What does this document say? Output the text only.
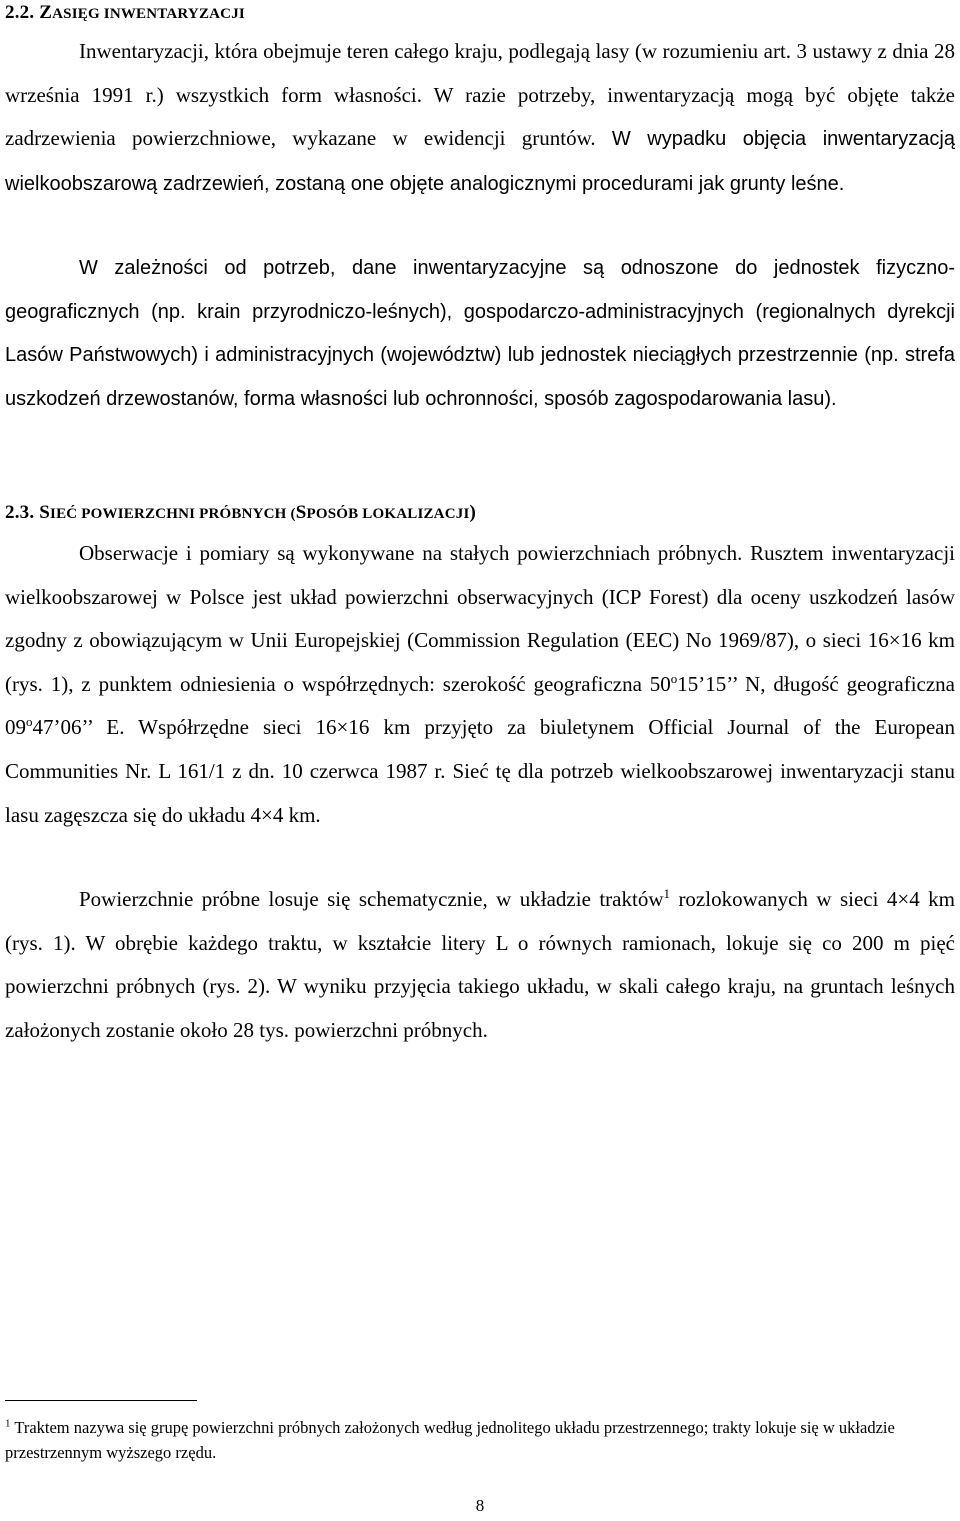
2.2. ZASIĘG INWENTARYZACJI

Inwentaryzacji, która obejmuje teren całego kraju, podlegają lasy (w rozumieniu art. 3 ustawy z dnia 28 września 1991 r.) wszystkich form własności. W razie potrzeby, inwentaryzacją mogą być objęte także zadrzewienia powierzchniowe, wykazane w ewidencji gruntów. W wypadku objęcia inwentaryzacją wielkoobszarową zadrzewień, zostaną one objęte analogicznymi procedurami jak grunty leśne.

W zależności od potrzeb, dane inwentaryzacyjne są odnoszone do jednostek fizyczno-geograficznych (np. krain przyrodniczo-leśnych), gospodarczo-administracyjnych (regionalnych dyrekcji Lasów Państwowych) i administracyjnych (województw) lub jednostek nieciągłych przestrzennie (np. strefa uszkodzeń drzewostanów, forma własności lub ochronności, sposób zagospodarowania lasu).

2.3. SIEĆ POWIERZCHNI PRÓBNYCH (SPOSÓB LOKALIZACJI)

Obserwacje i pomiary są wykonywane na stałych powierzchniach próbnych. Rusztem inwentaryzacji wielkoobszarowej w Polsce jest układ powierzchni obserwacyjnych (ICP Forest) dla oceny uszkodzeń lasów zgodny z obowiązującym w Unii Europejskiej (Commission Regulation (EEC) No 1969/87), o sieci 16×16 km (rys. 1), z punktem odniesienia o współrzędnych: szerokość geograficzna 50$^o$15’15’’ N, długość geograficzna 09$^o$47’06’’ E. Współrzędne sieci 16×16 km przyjęto za biuletynem Official Journal of the European Communities Nr. L 161/1 z dn. 10 czerwca 1987 r. Sieć tę dla potrzeb wielkoobszarowej inwentaryzacji stanu lasu zagęszcza się do układu 4×4 km.

Powierzchnie próbne losuje się schematycznie, w układzie traktów$^1$ rozlokowanych w sieci 4×4 km (rys. 1). W obrębie każdego traktu, w kształcie litery L o równych ramionach, lokuje się co 200 m pięć powierzchni próbnych (rys. 2). W wyniku przyjęcia takiego układu, w skali całego kraju, na gruntach leśnych założonych zostanie około 28 tys. powierzchni próbnych.

$^1$ Traktem nazywa się grupę powierzchni próbnych założonych według jednolitego układu przestrzennego; trakty lokuje się w układzie przestrzennym wyższego rzędu.

8
